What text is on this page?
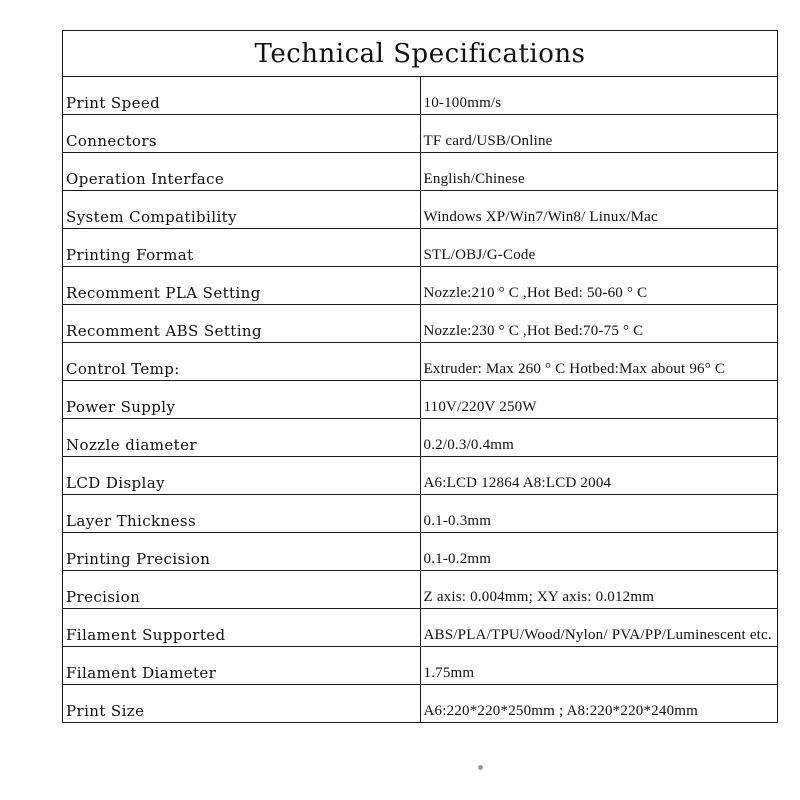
Technical Specifications	
Print Speed	10-100mm/s
Connectors	TF card/USB/Online
Operation Interface	English/Chinese
System Compatibility	Windows XP/Win7/Win8/ Linux/Mac
Printing Format	STL/OBJ/G-Code
Recomment PLA Setting	Nozzle:210 ° C ,Hot Bed: 50-60 ° C
Recomment ABS Setting	Nozzle:230 ° C ,Hot Bed:70-75 ° C
Control Temp:	Extruder: Max 260 ° C Hotbed:Max about 96° C
Power Supply	110V/220V 250W
Nozzle diameter	0.2/0.3/0.4mm
LCD Display	A6:LCD 12864 A8:LCD 2004
Layer Thickness	0.1-0.3mm
Printing Precision	0.1-0.2mm
Precision	Z axis: 0.004mm; XY axis: 0.012mm
Filament Supported	ABS/PLA/TPU/Wood/Nylon/ PVA/PP/Luminescent etc.
Filament Diameter	1.75mm
Print Size	A6:220*220*250mm ; A8:220*220*240mm
